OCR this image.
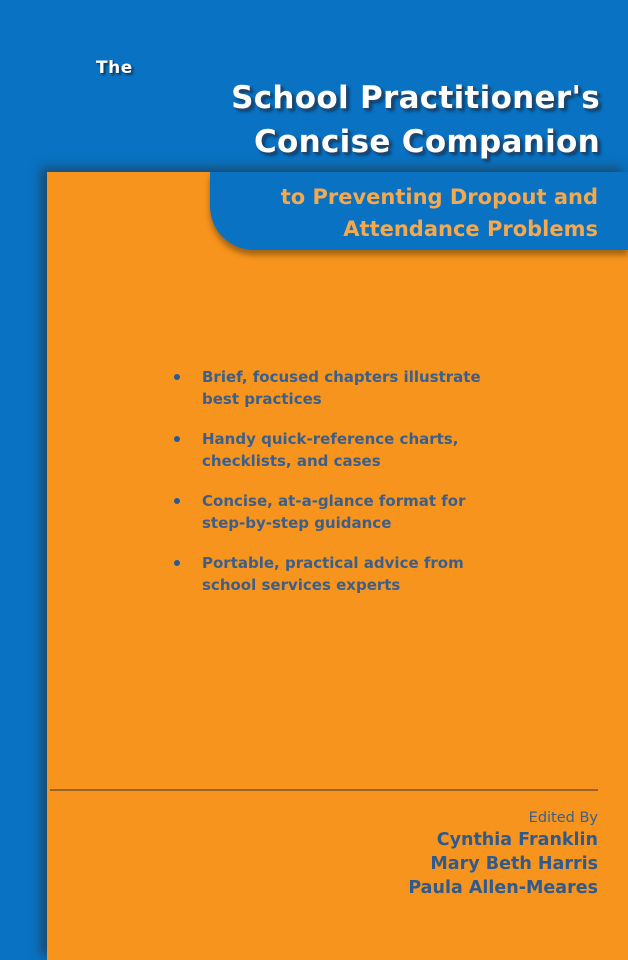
The
School Practitioner's
Concise Companion
to Preventing Dropout and
Attendance Problems
Brief, focused chapters illustrate
best practices
Handy quick-reference charts,
checklists, and cases
Concise, at-a-glance format for
step-by-step guidance
Portable, practical advice from
school services experts
Edited By
Cynthia Franklin
Mary Beth Harris
Paula Allen-Meares
